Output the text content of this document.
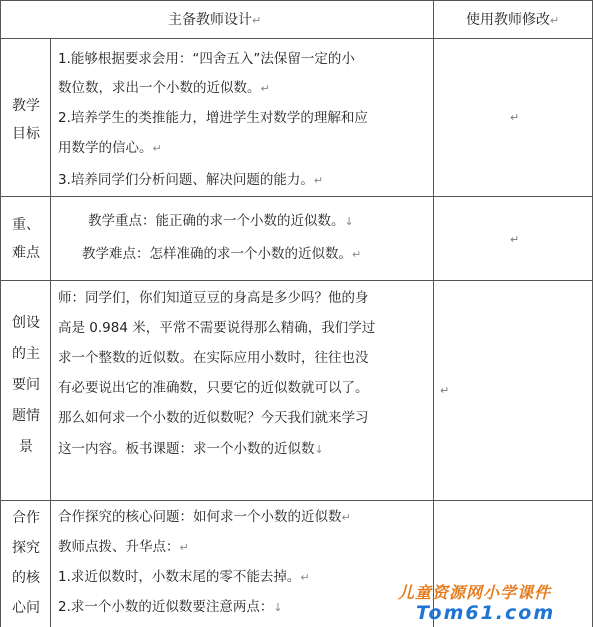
主备教师设计↵	使用教师修改↵
教学
目标
1.能够根据要求会用：“四舍五入”法保留一定的小
数位数，求出一个小数的近似数。↵
2.培养学生的类推能力，增进学生对数学的理解和应
用数学的信心。↵
3.培养同学们分析问题、解决问题的能力。↵
↵
重、
难点
教学重点：能正确的求一个小数的近似数。↓
教学难点：怎样准确的求一个小数的近似数。↵
↵
创设
的主
要问
题情
景
师：同学们，你们知道豆豆的身高是多少吗？他的身
高是 0.984 米，平常不需要说得那么精确，我们学过
求一个整数的近似数。在实际应用小数时，往往也没
有必要说出它的准确数，只要它的近似数就可以了。
那么如何求一个小数的近似数呢？今天我们就来学习
这一内容。板书课题：求一个小数的近似数↓
↵
合作
探究
的核
心问
合作探究的核心问题：如何求一个小数的近似数↵
教师点拨、升华点：↵
1.求近似数时，小数末尾的零不能去掉。↵
2.求一个小数的近似数要注意两点：↓
儿童资源网小学课件
Tom61.com
